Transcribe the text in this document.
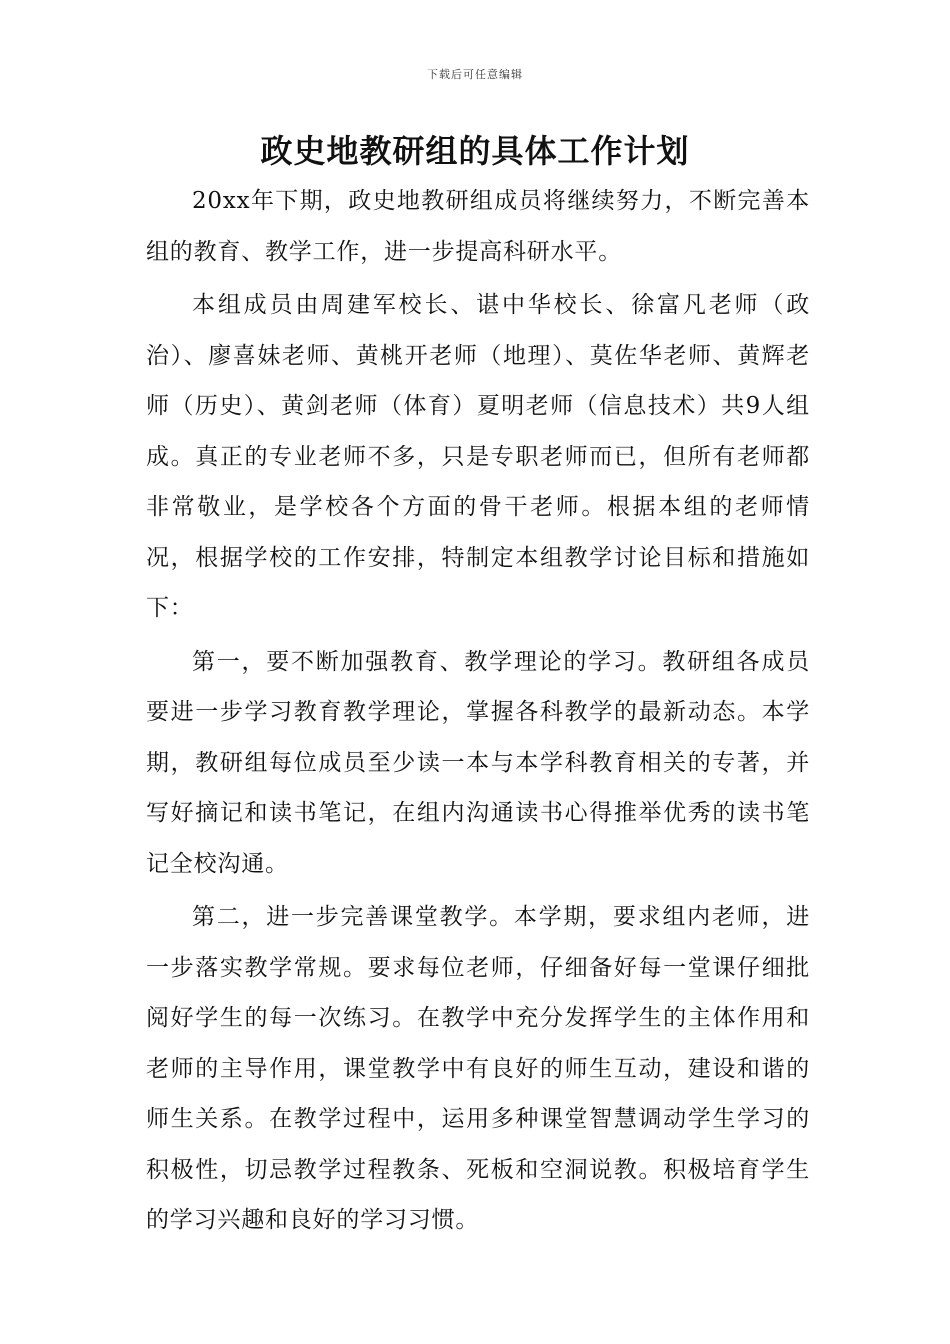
下载后可任意编辑
政史地教研组的具体工作计划

20xx年下期，政史地教研组成员将继续努力，不断完善本组的教育、教学工作，进一步提高科研水平。

本组成员由周建军校长、谌中华校长、徐富凡老师（政治）、廖喜妹老师、黄桃开老师（地理）、莫佐华老师、黄辉老师（历史）、黄剑老师（体育）夏明老师（信息技术）共9人组成。真正的专业老师不多，只是专职老师而已，但所有老师都非常敬业，是学校各个方面的骨干老师。根据本组的老师情况，根据学校的工作安排，特制定本组教学讨论目标和措施如下：

第一，要不断加强教育、教学理论的学习。教研组各成员要进一步学习教育教学理论，掌握各科教学的最新动态。本学期，教研组每位成员至少读一本与本学科教育相关的专著，并写好摘记和读书笔记，在组内沟通读书心得推举优秀的读书笔记全校沟通。

第二，进一步完善课堂教学。本学期，要求组内老师，进一步落实教学常规。要求每位老师，仔细备好每一堂课仔细批阅好学生的每一次练习。在教学中充分发挥学生的主体作用和老师的主导作用，课堂教学中有良好的师生互动，建设和谐的师生关系。在教学过程中，运用多种课堂智慧调动学生学习的积极性，切忌教学过程教条、死板和空洞说教。积极培育学生的学习兴趣和良好的学习习惯。
